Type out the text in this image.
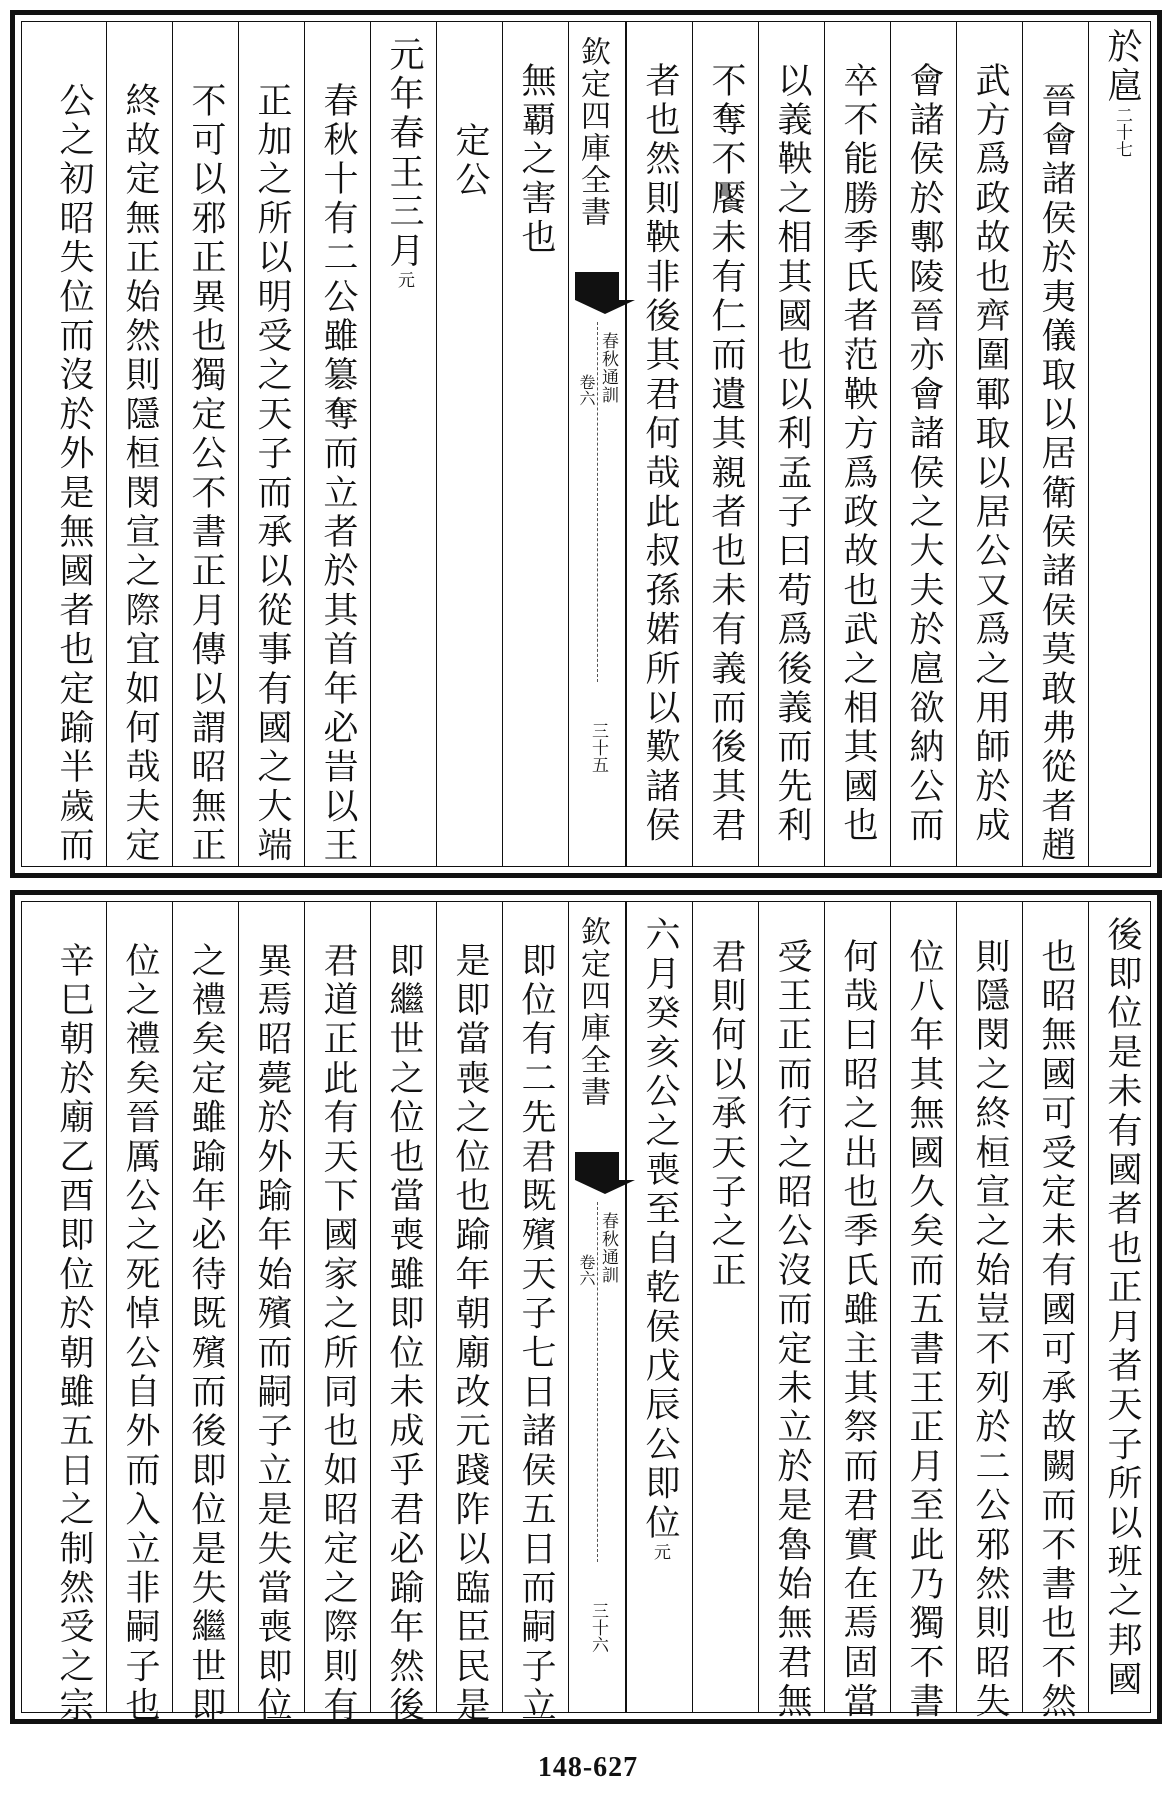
於扈二十七
晉會諸侯於夷儀取以居衛侯諸侯莫敢弗從者趙
武方爲政故也齊圍鄆取以居公又爲之用師於成
會諸侯於鄟陵晉亦會諸侯之大夫於扈欲納公而
卒不能勝季氏者范鞅方爲政故也武之相其國也
以義鞅之相其國也以利孟子曰苟爲後義而先利
不奪不饜未有仁而遺其親者也未有義而後其君
者也然則鞅非後其君何哉此叔孫婼所以歎諸侯
欽定四庫全書
春秋通訓
卷六
三十五
無覇之害也
定公
元年春王三月元
春秋十有二公雖簒奪而立者於其首年必旹以王
正加之所以明受之天子而承以從事有國之大端
不可以邪正異也獨定公不書正月傳以謂昭無正
終故定無正始然則隱桓閔宣之際宜如何哉夫定
公之初昭失位而沒於外是無國者也定踰半歲而
後即位是未有國者也正月者天子所以班之邦國
也昭無國可受定未有國可承故闕而不書也不然
則隱閔之終桓宣之始豈不列於二公邪然則昭失
位八年其無國久矣而五書王正月至此乃獨不書
何哉曰昭之出也季氏雖主其祭而君實在焉固當
受王正而行之昭公沒而定未立於是魯始無君無
君則何以承天子之正
六月癸亥公之喪至自乾侯戊辰公即位元
欽定四庫全書
春秋通訓
卷六
三十六
即位有二先君既殯天子七日諸侯五日而嗣子立
是即當喪之位也踰年朝廟改元踐阼以臨臣民是
即繼世之位也當喪雖即位未成乎君必踰年然後
君道正此有天下國家之所同也如昭定之際則有
異焉昭薨於外踰年始殯而嗣子立是失當喪即位
之禮矣定雖踰年必待既殯而後即位是失繼世即
位之禮矣晉厲公之死悼公自外而入立非嗣子也
辛巳朝於廟乙酉即位於朝雖五日之制然受之宗
148-627
